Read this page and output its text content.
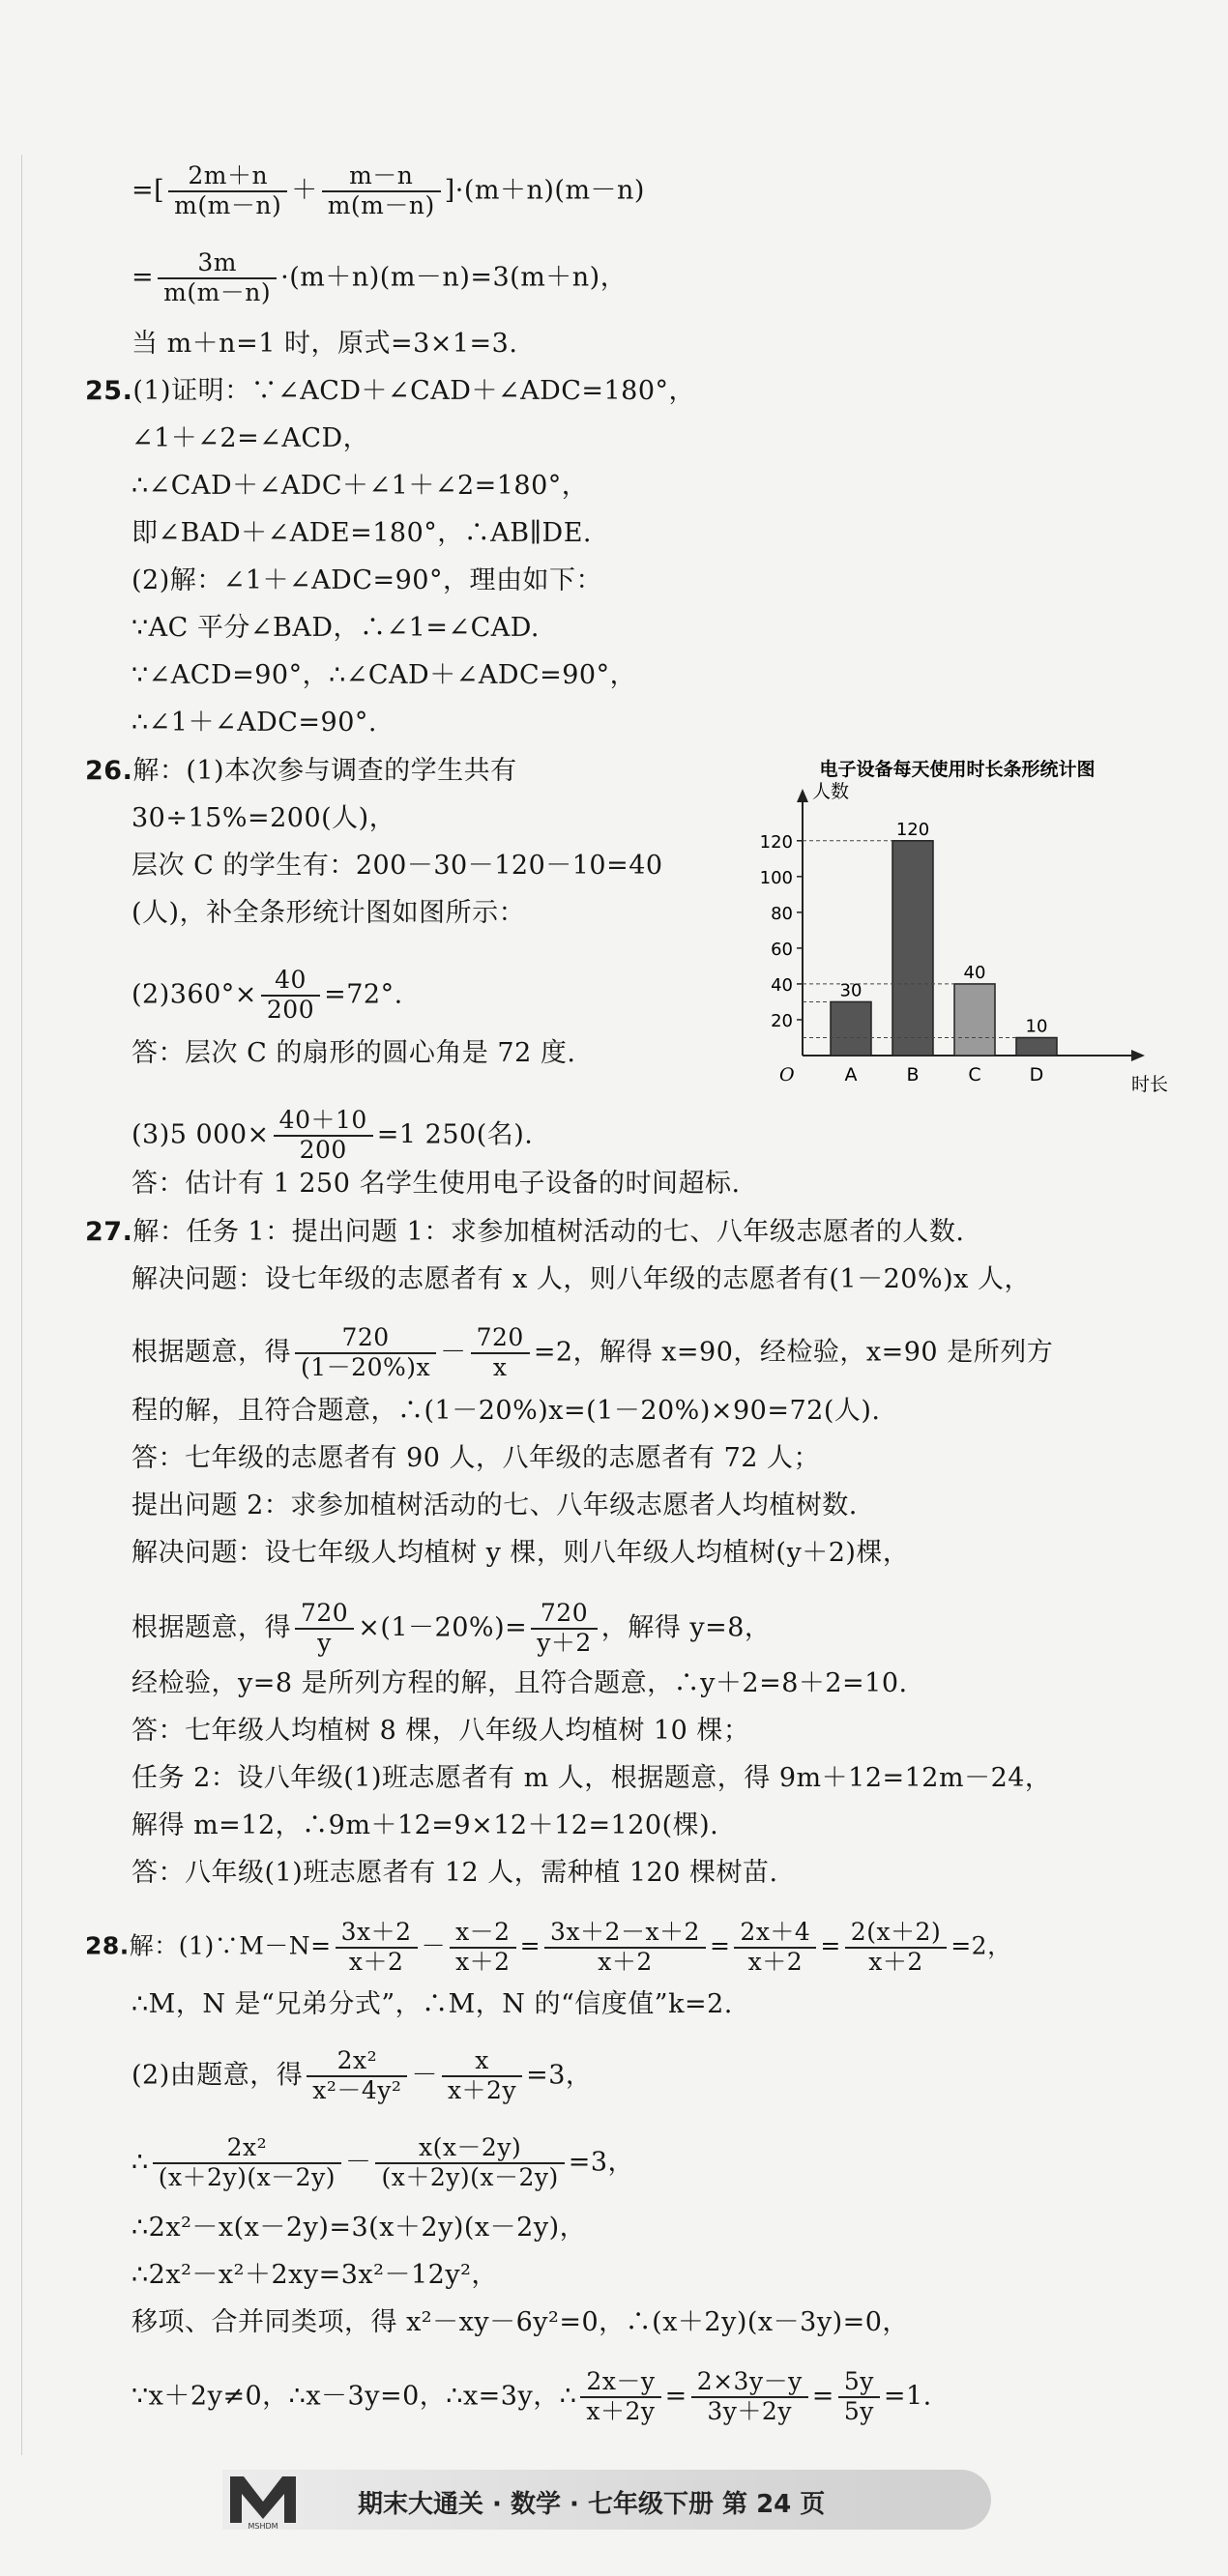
=[ $\frac{2m+n}{m(m-n)} + \frac{m-n}{m(m-n)} ]\cdot(m+n)(m-n)$
= $\frac{3m}{m(m-n)} \cdot(m+n)(m-n)=3(m+n)$，
当 m＋n=1 时，原式=3×1=3.
25.(1)证明：∵∠ACD＋∠CAD＋∠ADC=180°，
∠1＋∠2=∠ACD，
∴∠CAD＋∠ADC＋∠1＋∠2=180°，
即∠BAD＋∠ADE=180°，∴AB∥DE.
(2)解：∠1＋∠ADC=90°，理由如下：
∵AC 平分∠BAD，∴∠1=∠CAD.
∵∠ACD=90°，∴∠CAD＋∠ADC=90°，
∴∠1＋∠ADC=90°.
26.解：(1)本次参与调查的学生共有
30÷15%=200(人)，
层次 C 的学生有：200－30－120－10=40
(人)，补全条形统计图如图所示：
$(2)360^\circ\times \frac{40}{200} =72^\circ$.
答：层次 C 的扇形的圆心角是 72 度.
(3)5 $000\times \frac{40+10}{200} =1$ 250(名).
答：估计有 1 250 名学生使用电子设备的时间超标.
电子设备每天使用时长条形统计图
人数
时长
O
20
40
60
80
100
120
30
A
120
B
40
C
10
D
27.解：任务 1：提出问题 1：求参加植树活动的七、八年级志愿者的人数.
解决问题：设七年级的志愿者有 x 人，则八年级的志愿者有(1－20%)x 人，
根据题意，得 $\frac{720}{(1-20\%)x} - \frac{720}{x} =2$，解得 x=90，经检验，x=90 是所列方
程的解，且符合题意，∴(1－20%)x=(1－20%)×90=72(人).
答：七年级的志愿者有 90 人，八年级的志愿者有 72 人；
提出问题 2：求参加植树活动的七、八年级志愿者人均植树数.
解决问题：设七年级人均植树 y 棵，则八年级人均植树(y＋2)棵，
根据题意，得 $\frac{720}{y} \times(1-20\%)= \frac{720}{y+2}$ ，解得 y=8，
经检验，y=8 是所列方程的解，且符合题意，∴y＋2=8＋2=10.
答：七年级人均植树 8 棵，八年级人均植树 10 棵；
任务 2：设八年级(1)班志愿者有 m 人，根据题意，得 9m＋12=12m－24，
解得 m=12，∴9m＋12=9×12＋12=120(棵).
答：八年级(1)班志愿者有 12 人，需种植 120 棵树苗.
28.解：(1)∵M－N= $\frac{3x+2}{x+2} - \frac{x-2}{x+2} = \frac{3x+2-x+2}{x+2} = \frac{2x+4}{x+2} = \frac{2(x+2)}{x+2} =2$，
∴M，N 是“兄弟分式”，∴M，N 的“信度值”k=2.
(2)由题意，得 $\frac{\text{2x²}}{\text{x²－4y²}} - \frac{x}{x+2y} =3$，
∴ $\frac{\text{2x²}}{(x+2y)(x-2y)} - \frac{x(x-2y)}{(x+2y)(x-2y)} =3$，
∴2x²－x(x－2y)=3(x＋2y)(x－2y)，
∴2x²－x²＋2xy=3x²－12y²，
移项、合并同类项，得 x²－xy－6y²=0，∴(x＋2y)(x－3y)=0，
∵x＋2y≠0，∴x－3y=0，∴x=3y，∴ $\frac{2x-y}{x+2y} = \frac{2\times 3y-y}{3y+2y} = \frac{5y}{5y} =1$.
MSHDM
期末大通关 · 数学 · 七年级下册 第 24 页
